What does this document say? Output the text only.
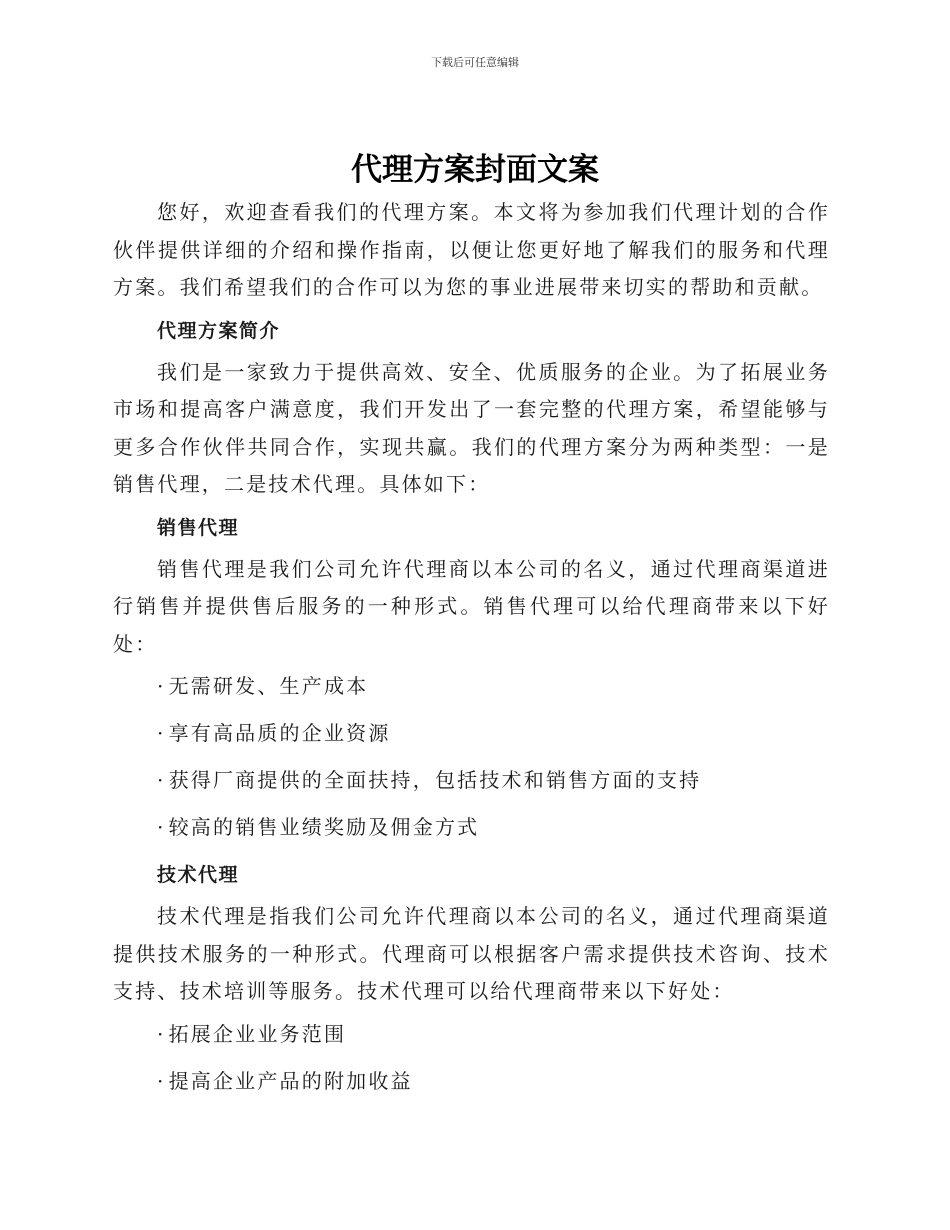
下载后可任意编辑
代理方案封面文案

您好，欢迎查看我们的代理方案。本文将为参加我们代理计划的合作伙伴提供详细的介绍和操作指南，以便让您更好地了解我们的服务和代理方案。我们希望我们的合作可以为您的事业进展带来切实的帮助和贡献。

代理方案简介

我们是一家致力于提供高效、安全、优质服务的企业。为了拓展业务市场和提高客户满意度，我们开发出了一套完整的代理方案，希望能够与更多合作伙伴共同合作，实现共赢。我们的代理方案分为两种类型：一是销售代理，二是技术代理。具体如下：

销售代理

销售代理是我们公司允许代理商以本公司的名义，通过代理商渠道进行销售并提供售后服务的一种形式。销售代理可以给代理商带来以下好处：

· 无需研发、生产成本
· 享有高品质的企业资源
· 获得厂商提供的全面扶持，包括技术和销售方面的支持
· 较高的销售业绩奖励及佣金方式
技术代理

技术代理是指我们公司允许代理商以本公司的名义，通过代理商渠道提供技术服务的一种形式。代理商可以根据客户需求提供技术咨询、技术支持、技术培训等服务。技术代理可以给代理商带来以下好处：

· 拓展企业业务范围
· 提高企业产品的附加收益
